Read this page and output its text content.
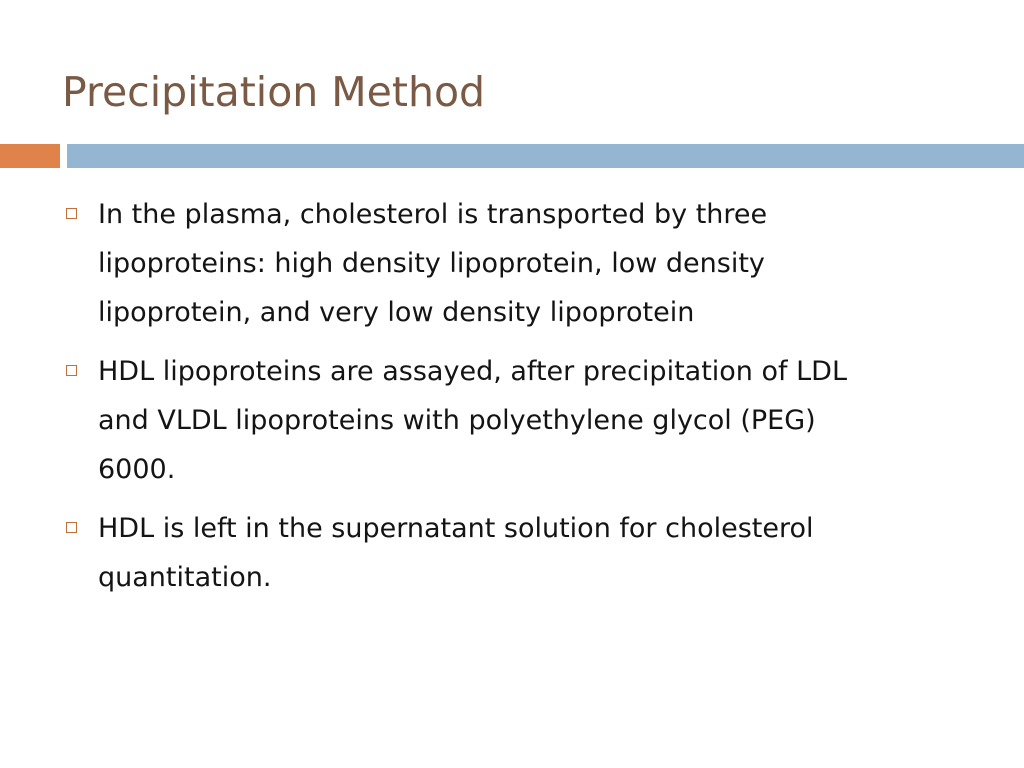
Precipitation Method
In the plasma, cholesterol is transported by three lipoproteins: high density lipoprotein, low density lipoprotein, and very low density lipoprotein
HDL lipoproteins are assayed, after precipitation of LDL and VLDL lipoproteins with polyethylene glycol (PEG) 6000.
HDL is left in the supernatant solution for cholesterol quantitation.
